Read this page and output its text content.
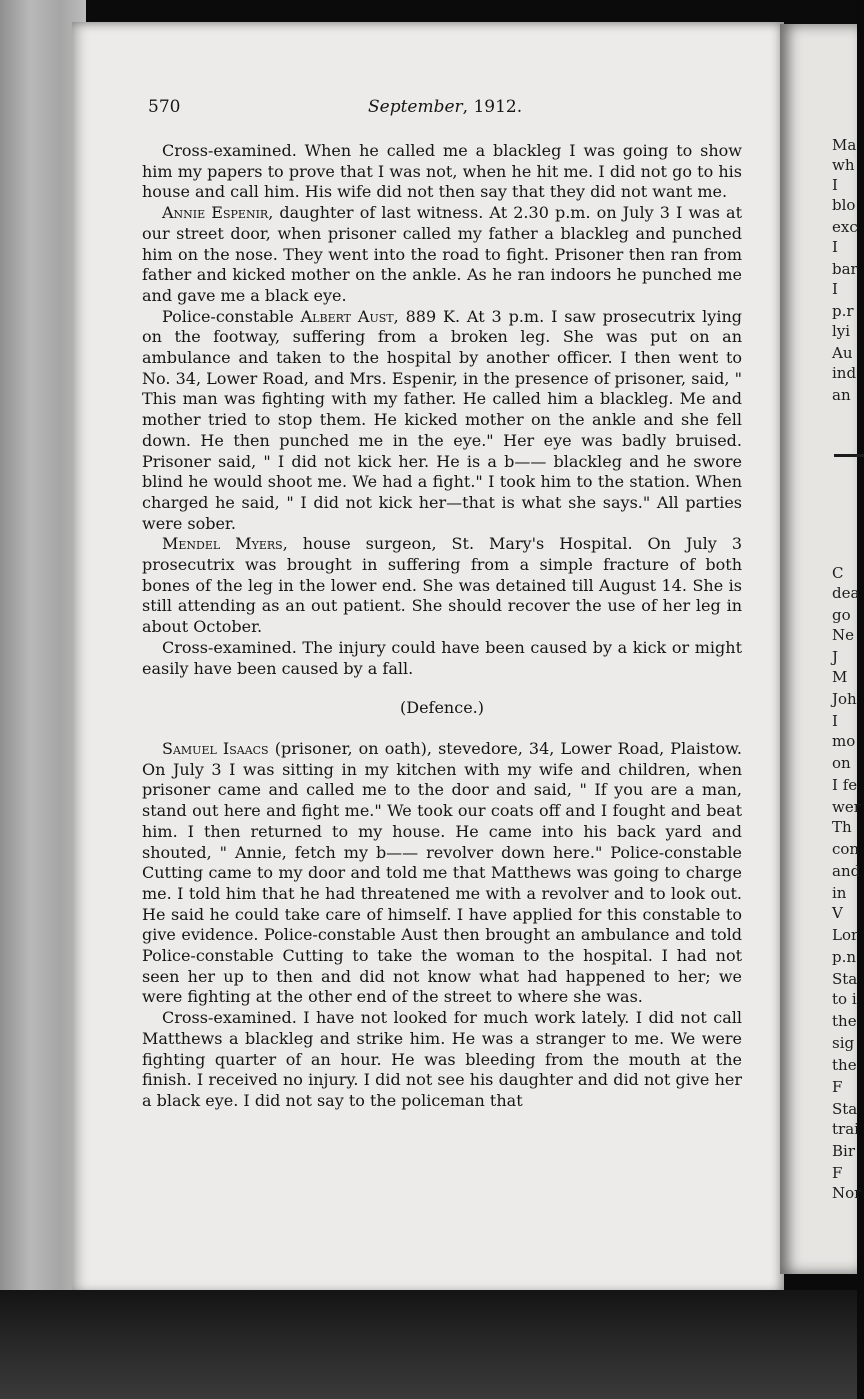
Ma
wh
I
blo
exc
I
bar
I
p.r
lyi
Au
ind
an
C
dea
go
Ne
J
M
Joh
I
mo
on
I fe
wer
Th
con
and
in
V
Lor
p.n
Sta
to i
the
sig
the
F
Sta
trai
Bir
F
Nor
570	September, 1912.

Cross-examined. When he called me a blackleg I was going to show him my papers to prove that I was not, when he hit me. I did not go to his house and call him. His wife did not then say that they did not want me.

Annie Espenir, daughter of last witness. At 2.30 p.m. on July 3 I was at our street door, when prisoner called my father a blackleg and punched him on the nose. They went into the road to fight. Prisoner then ran from father and kicked mother on the ankle. As he ran indoors he punched me and gave me a black eye.

Police-constable Albert Aust, 889 K. At 3 p.m. I saw prosecutrix lying on the footway, suffering from a broken leg. She was put on an ambulance and taken to the hospital by another officer. I then went to No. 34, Lower Road, and Mrs. Espenir, in the presence of prisoner, said, " This man was fighting with my father. He called him a blackleg. Me and mother tried to stop them. He kicked mother on the ankle and she fell down. He then punched me in the eye." Her eye was badly bruised. Prisoner said, " I did not kick her. He is a b—— blackleg and he swore blind he would shoot me. We had a fight." I took him to the station. When charged he said, " I did not kick her—that is what she says." All parties were sober.

Mendel Myers, house surgeon, St. Mary's Hospital. On July 3 prosecutrix was brought in suffering from a simple fracture of both bones of the leg in the lower end. She was detained till August 14. She is still attending as an out patient. She should recover the use of her leg in about October.

Cross-examined. The injury could have been caused by a kick or might easily have been caused by a fall.

(Defence.)

Samuel Isaacs (prisoner, on oath), stevedore, 34, Lower Road, Plaistow. On July 3 I was sitting in my kitchen with my wife and children, when prisoner came and called me to the door and said, " If you are a man, stand out here and fight me." We took our coats off and I fought and beat him. I then returned to my house. He came into his back yard and shouted, " Annie, fetch my b—— revolver down here." Police-constable Cutting came to my door and told me that Matthews was going to charge me. I told him that he had threatened me with a revolver and to look out. He said he could take care of himself. I have applied for this constable to give evidence. Police-constable Aust then brought an ambulance and told Police-constable Cutting to take the woman to the hospital. I had not seen her up to then and did not know what had happened to her; we were fighting at the other end of the street to where she was.

Cross-examined. I have not looked for much work lately. I did not call Matthews a blackleg and strike him. He was a stranger to me. We were fighting quarter of an hour. He was bleeding from the mouth at the finish. I received no injury. I did not see his daughter and did not give her a black eye. I did not say to the policeman that
